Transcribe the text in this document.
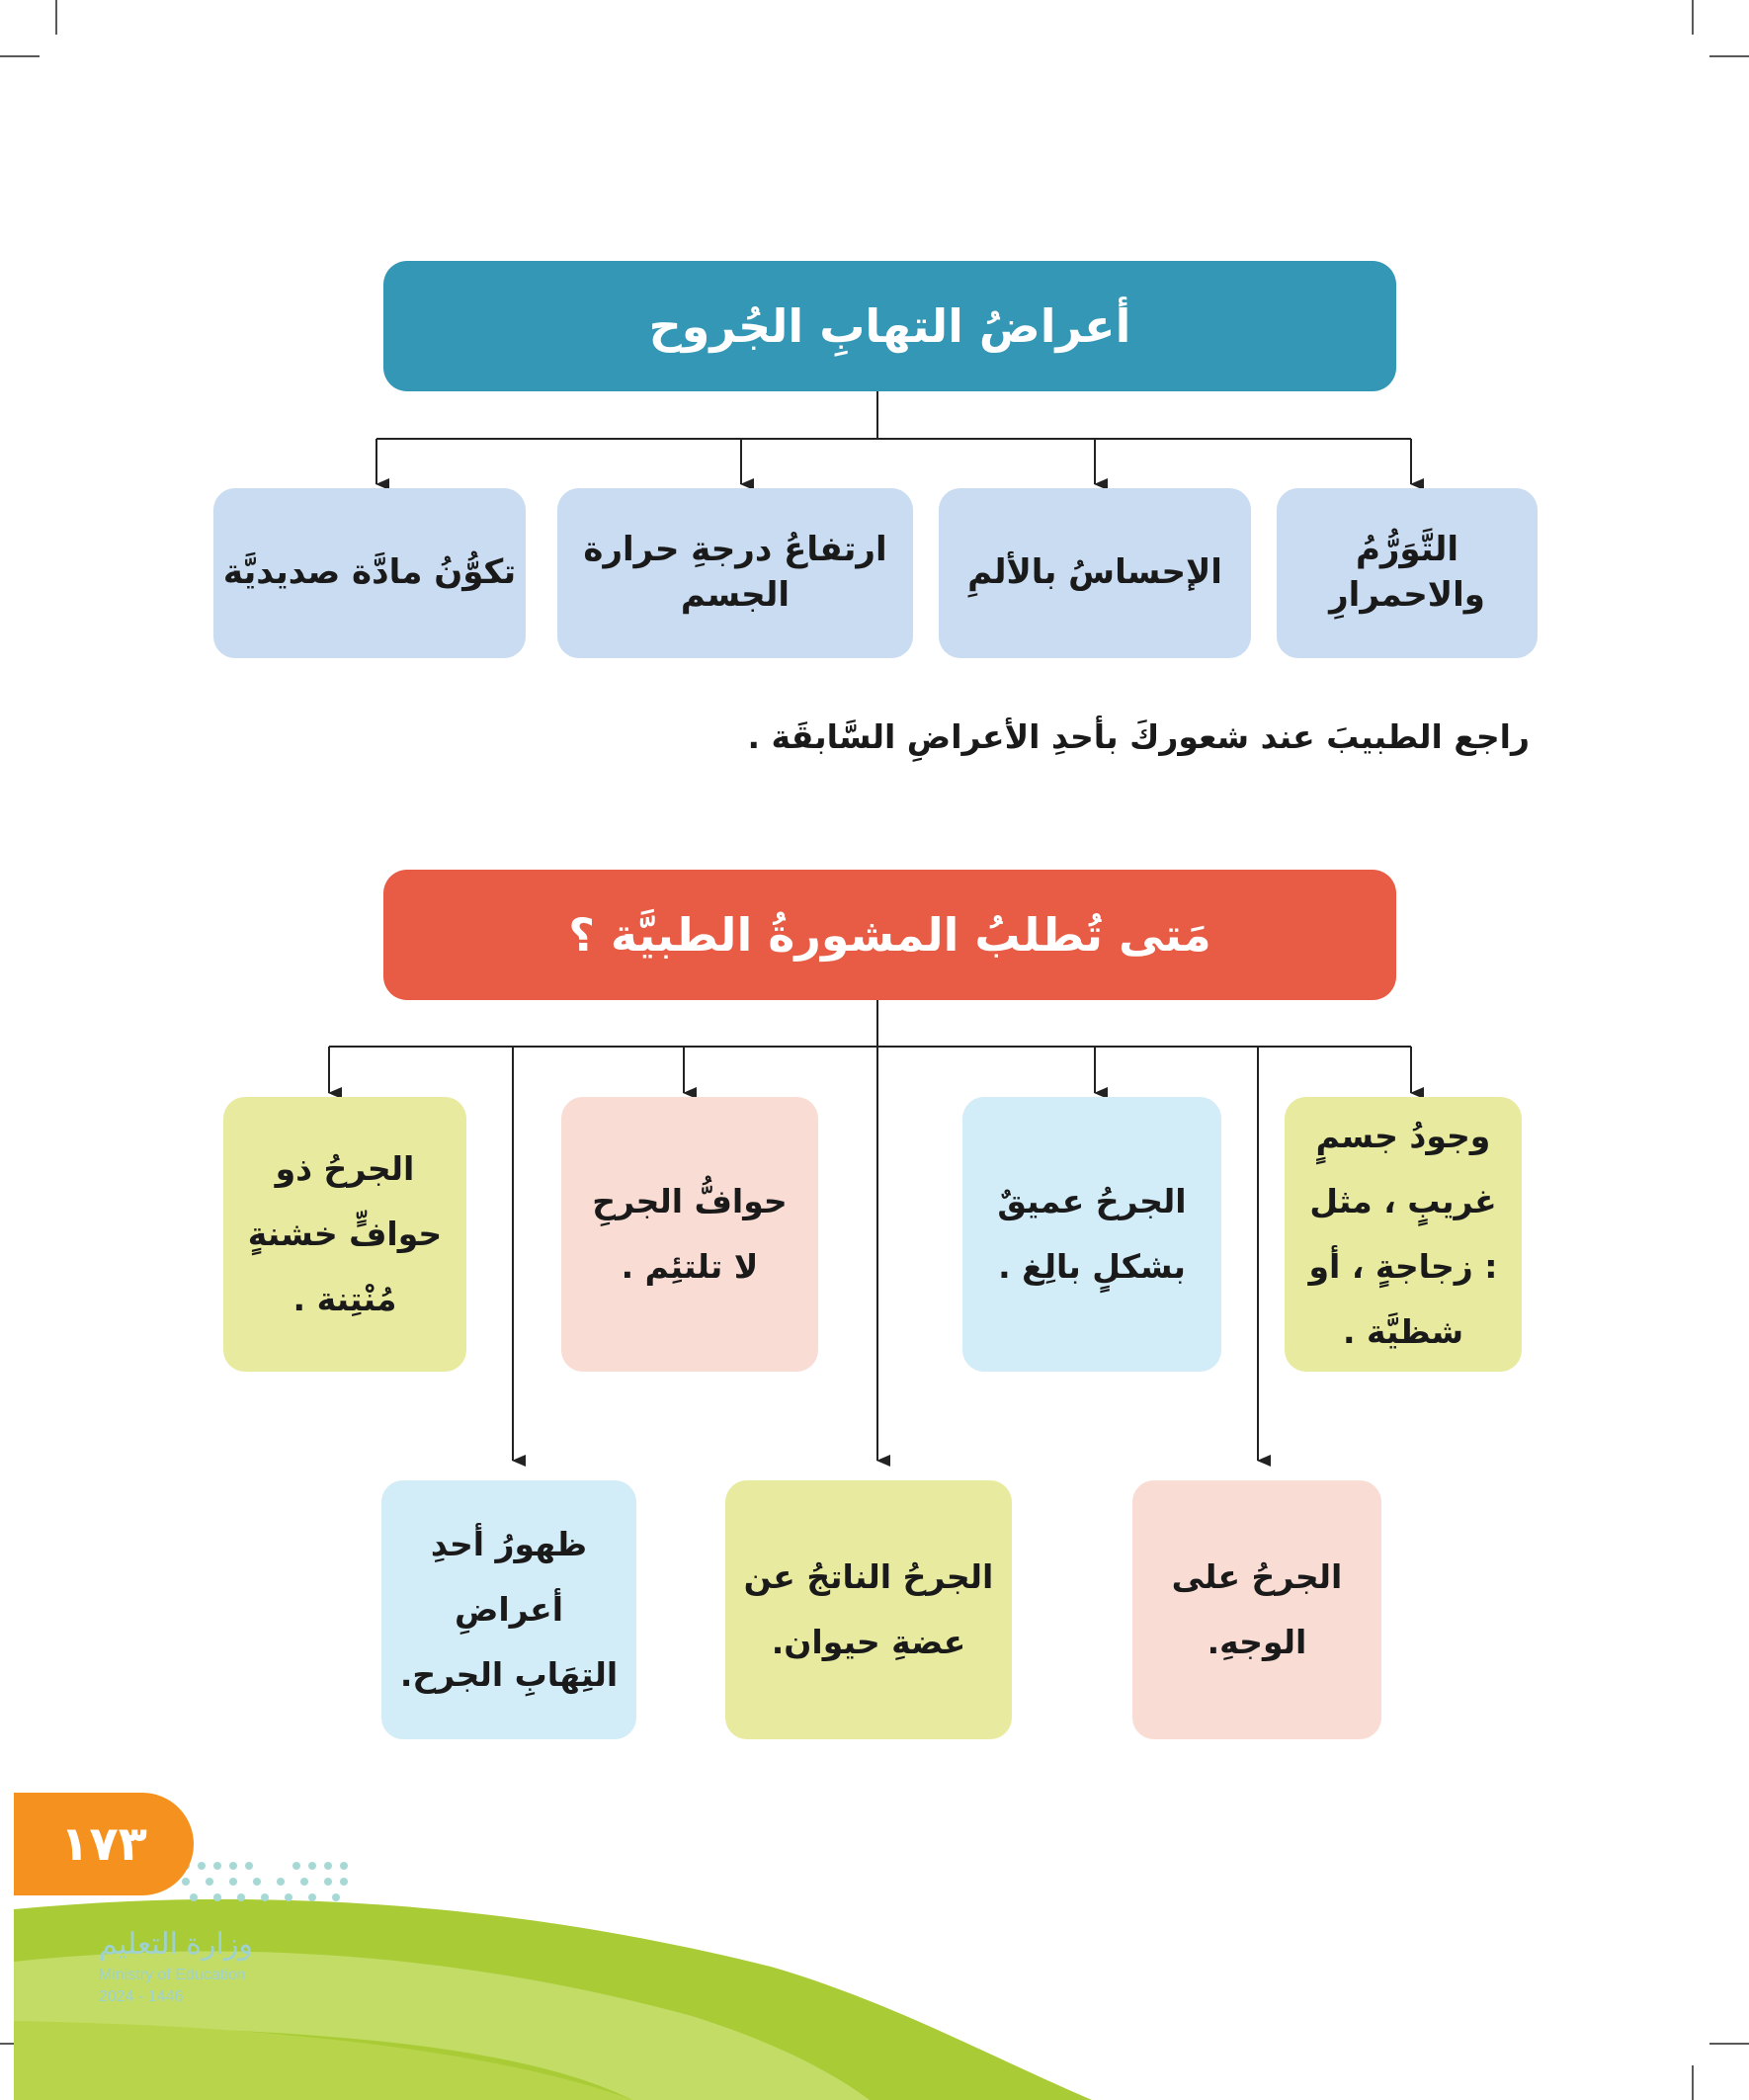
أعراضُ التهابِ الجُروح
التَّوَرُّمُ والاحمرارِ
الإحساسُ بالألمِ
ارتفاعُ درجةِ حرارة الجسم
تكوُّنُ مادَّة صديديَّة
راجع الطبيبَ عند شعوركَ بأحدِ الأعراضِ السَّابقَة .
مَتى تُطلبُ المشورةُ الطبيَّة ؟
وجودُ جسمٍ غريبٍ ، مثل : زجاجةٍ ، أو شظيَّة .
الجرحُ عميقٌ بشكلٍ بالِغ .
حوافُّ الجرحِ لا تلتئِم .
الجرحُ ذو حوافٍّ خشنةٍ مُنْتِنة .
الجرحُ على الوجهِ.
الجرحُ الناتجُ عن عضةِ حيوان.
ظهورُ أحدِ أعراضِ التِهَابِ الجرح.
١٧٣
وزارة التعليم
Ministry of Education
2024 - 1446
